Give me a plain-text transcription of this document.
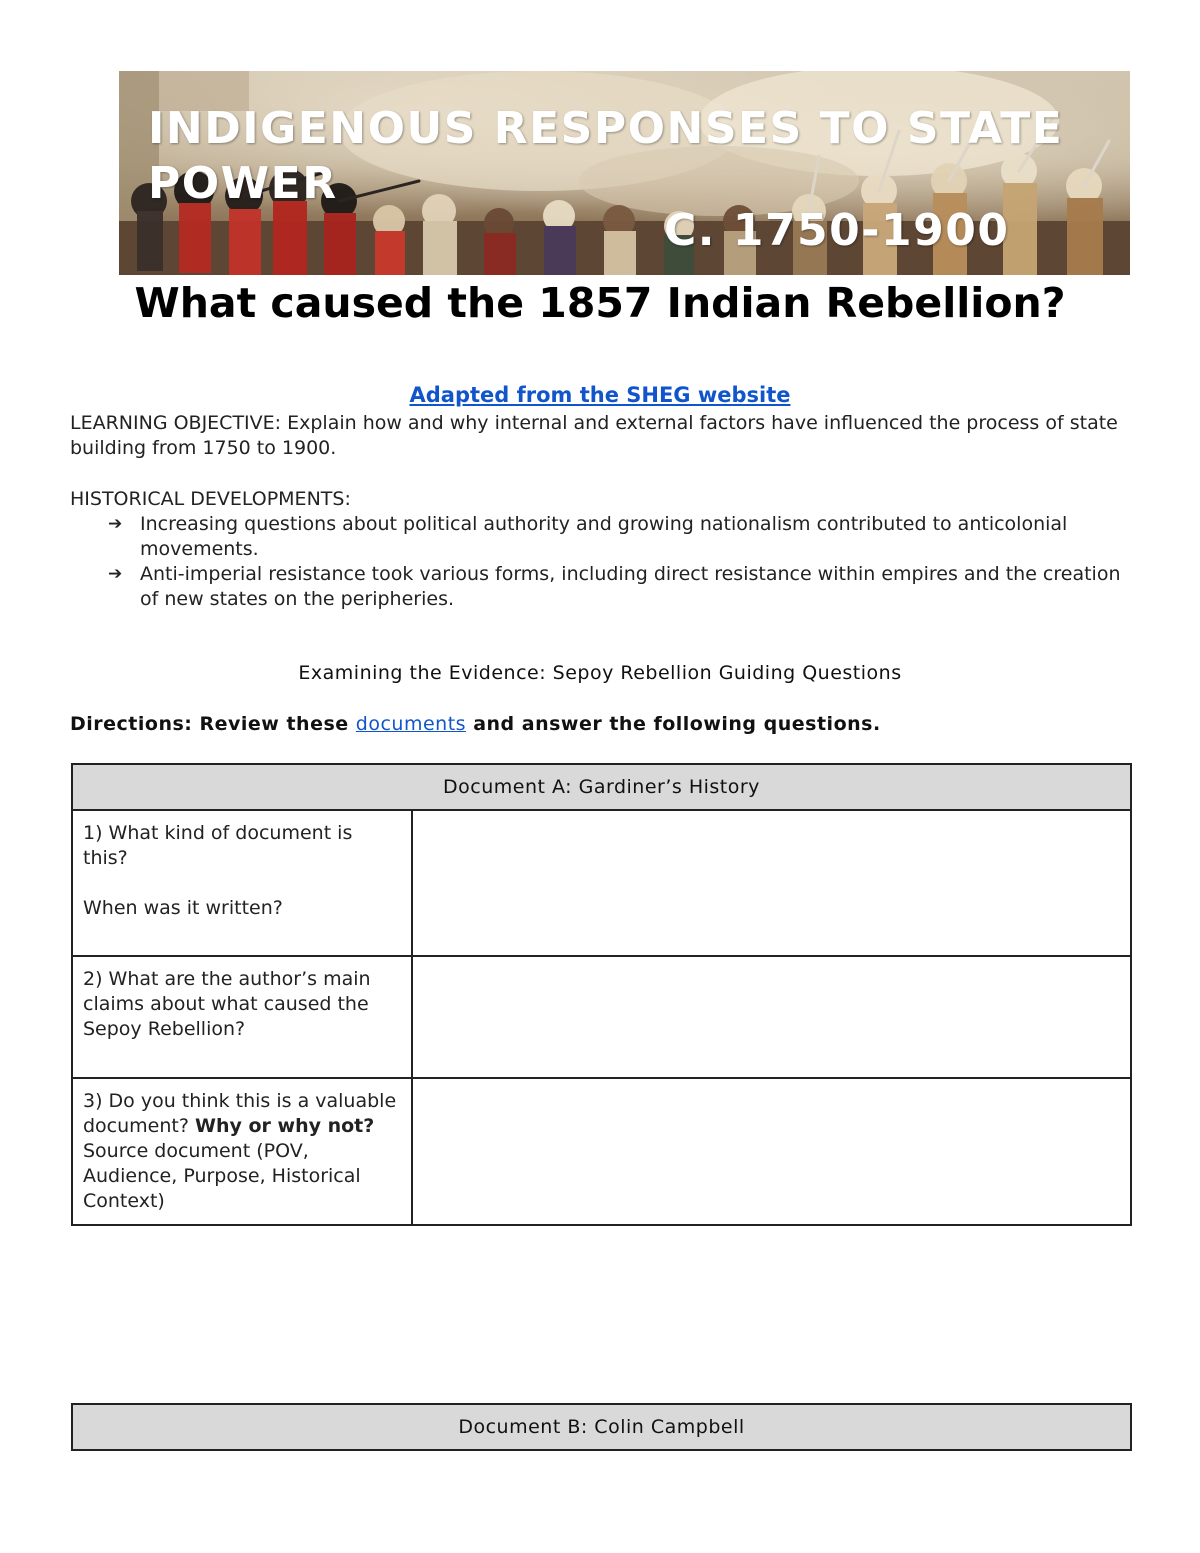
INDIGENOUS RESPONSES TO STATE POWER
C. 1750-1900
What caused the 1857 Indian Rebellion?
Adapted from the SHEG website

LEARNING OBJECTIVE: Explain how and why internal and external factors have influenced the process of state building from 1750 to 1900.

HISTORICAL DEVELOPMENTS:

➔ Increasing questions about political authority and growing nationalism contributed to anticolonial movements.
➔ Anti-imperial resistance took various forms, including direct resistance within empires and the creation of new states on the peripheries.

Examining the Evidence: Sepoy Rebellion Guiding Questions

Directions: Review these documents and answer the following questions.
Document A: Gardiner’s History	

1) What kind of document is this?
When was it written?	

2) What are the author’s main claims about what caused the Sepoy Rebellion?	
3) Do you think this is a valuable document? Why or why not? Source document (POV, Audience, Purpose, Historical Context)	
Document B: Colin Campbell
